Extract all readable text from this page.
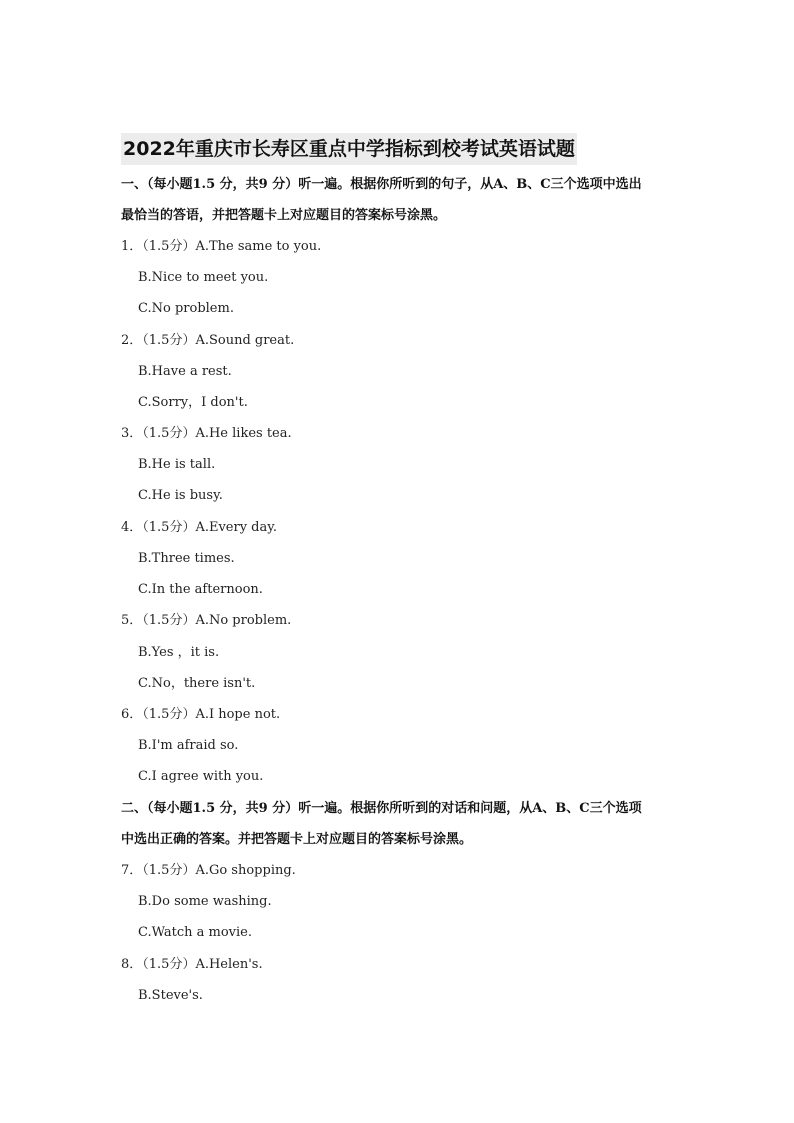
2022年重庆市长寿区重点中学指标到校考试英语试题
一、（每小题1.5 分，共9 分）听一遍。根据你所听到的句子，从A、B、C三个选项中选出
最恰当的答语，并把答题卡上对应题目的答案标号涂黑。
1．（1.5分）A.The same to you.
B.Nice to meet you.
C.No problem.
2．（1.5分）A.Sound great.
B.Have a rest.
C.Sorry，I don't.
3．（1.5分）A.He likes tea.
B.He is tall.
C.He is busy.
4．（1.5分）A.Every day.
B.Three times.
C.In the afternoon.
5．（1.5分）A.No problem.
B.Yes ，it is.
C.No，there isn't.
6．（1.5分）A.I hope not.
B.I'm afraid so.
C.I agree with you.
二、（每小题1.5 分，共9 分）听一遍。根据你所听到的对话和问题，从A、B、C三个选项
中选出正确的答案。并把答题卡上对应题目的答案标号涂黑。
7．（1.5分）A.Go shopping.
B.Do some washing.
C.Watch a movie.
8．（1.5分）A.Helen's.
B.Steve's.
